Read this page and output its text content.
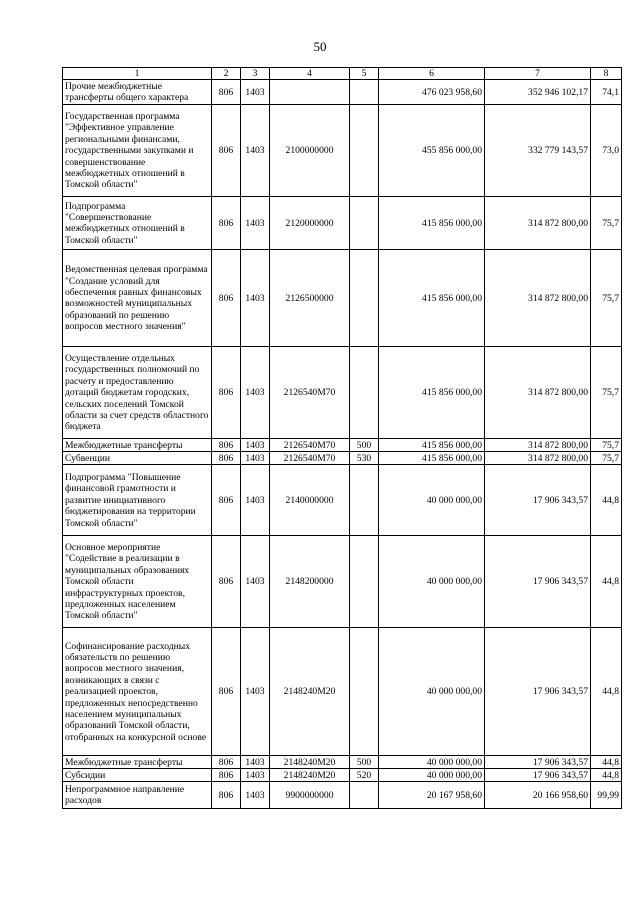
50
1	2	3	4	5	6	7	8
Прочие межбюджетные трансферты общего характера	806	1403			476 023 958,60	352 946 102,17	74,1
Государственная программа "Эффективное управление региональными финансами, государственными закупками и совершенствование межбюджетных отношений в Томской области"	806	1403	2100000000		455 856 000,00	332 779 143,57	73,0
Подпрограмма "Совершенствование межбюджетных отношений в Томской области"	806	1403	2120000000		415 856 000,00	314 872 800,00	75,7
Ведомственная целевая программа "Создание условий для обеспечения равных финансовых возможностей муниципальных образований по решению вопросов местного значения"	806	1403	2126500000		415 856 000,00	314 872 800,00	75,7
Осуществление отдельных государственных полномочий по расчету и предоставлению дотаций бюджетам городских, сельских поселений Томской области за счет средств областного бюджета	806	1403	2126540М70		415 856 000,00	314 872 800,00	75,7
Межбюджетные трансферты	806	1403	2126540М70	500	415 856 000,00	314 872 800,00	75,7
Субвенции	806	1403	2126540М70	530	415 856 000,00	314 872 800,00	75,7
Подпрограмма "Повышение финансовой грамотности и развитие инициативного бюджетирования на территории Томской области"	806	1403	2140000000		40 000 000,00	17 906 343,57	44,8
Основное мероприятие "Содействие в реализации в муниципальных образованиях Томской области инфраструктурных проектов, предложенных населением Томской области"	806	1403	2148200000		40 000 000,00	17 906 343,57	44,8
Софинансирование расходных обязательств по решению вопросов местного значения, возникающих в связи с реализацией проектов, предложенных непосредственно населением муниципальных образований Томской области, отобранных на конкурсной основе	806	1403	2148240М20		40 000 000,00	17 906 343,57	44,8
Межбюджетные трансферты	806	1403	2148240М20	500	40 000 000,00	17 906 343,57	44,8
Субсидии	806	1403	2148240М20	520	40 000 000,00	17 906 343,57	44,8
Непрограммное направление расходов	806	1403	9900000000		20 167 958,60	20 166 958,60	99,99
